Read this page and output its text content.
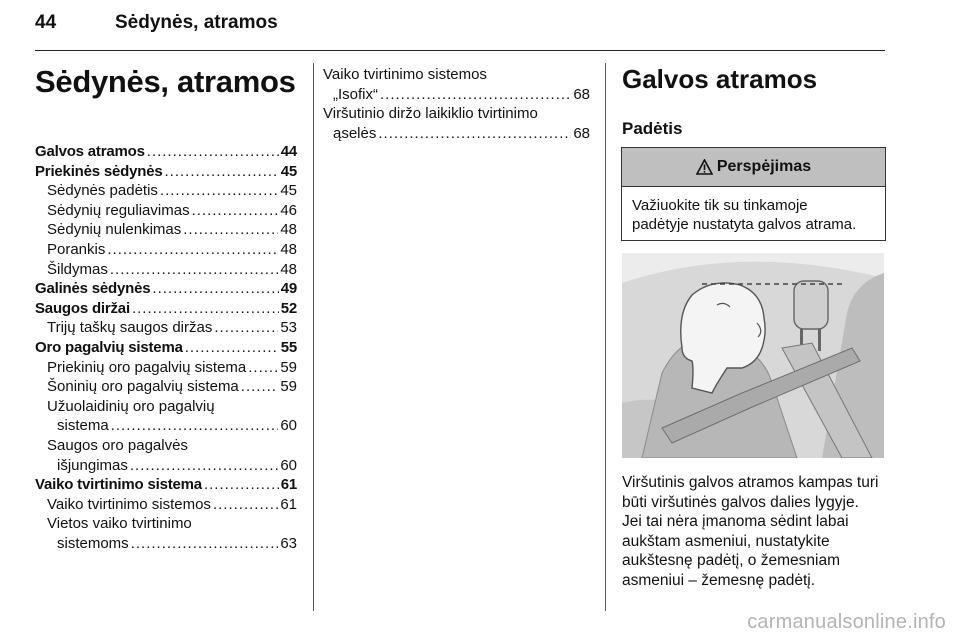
44	Sėdynės, atramos
Sėdynės, atramos
Galvos atramos .....	44
Priekinės sėdynės .....	45
Sėdynės padėtis .....	45
Sėdynių reguliavimas .....	46
Sėdynių nulenkimas .....	48
Porankis .....	48
Šildymas .....	48
Galinės sėdynės .....	49
Saugos diržai .....	52
Trijų taškų saugos diržas .....	53
Oro pagalvių sistema .....	55
Priekinių oro pagalvių sistema ..... 59
Šoninių oro pagalvių sistema .....	59
Užuolaidinių oro pagalvių
sistema .....	60
Saugos oro pagalvės
išjungimas .....	60
Vaiko tvirtinimo sistema .....	61
Vaiko tvirtinimo sistemos .....	61
Vietos vaiko tvirtinimo
sistemoms .....	63
Vaiko tvirtinimo sistemos
„Isofix“ .....	68
Viršutinio diržo laikiklio tvirtinimo
ąselės .....	68
Galvos atramos
Padėtis
Perspėjimas
Važiuokite tik su tinkamoje
padėtyje nustatyta galvos atrama.
Viršutinis galvos atramos kampas turi
būti viršutinės galvos dalies lygyje.
Jei tai nėra įmanoma sėdint labai
aukštam asmeniui, nustatykite
aukštesnę padėtį, o žemesniam
asmeniui – žemesnę padėtį.
carmanualsonline.info
